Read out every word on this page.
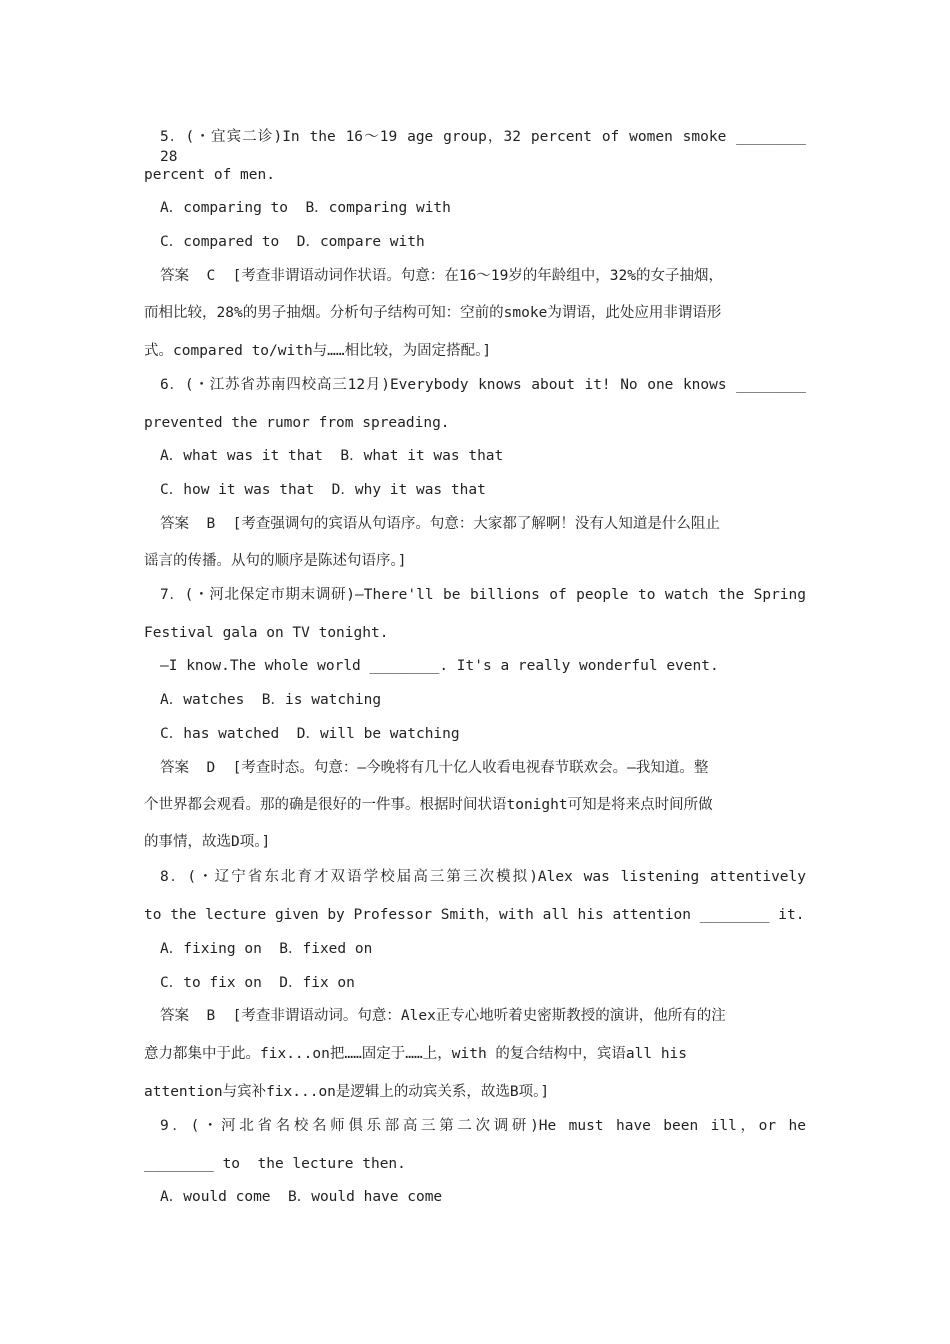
5．(・宜宾二诊)In the 16～19 age group，32 percent of women smoke ________ 28
percent of men.
A．comparing to  B．comparing with
C．compared to  D．compare with
答案  C  [考查非谓语动词作状语。句意：在16～19岁的年龄组中，32%的女子抽烟，
而相比较，28%的男子抽烟。分析句子结构可知：空前的smoke为谓语，此处应用非谓语形
式。compared to/with与……相比较，为固定搭配。]
6．(・江苏省苏南四校高三12月)Everybody knows about it! No one knows ________
prevented the rumor from spreading.
A．what was it that  B．what it was that
C．how it was that  D．why it was that
答案  B  [考查强调句的宾语从句语序。句意：大家都了解啊！没有人知道是什么阻止
谣言的传播。从句的顺序是陈述句语序。]
7．(・河北保定市期末调研)—There'll be billions of people to watch the Spring
Festival gala on TV tonight.
—I know.The whole world ________. It's a really wonderful event.
A．watches  B．is watching
C．has watched  D．will be watching
答案  D  [考查时态。句意：—今晚将有几十亿人收看电视春节联欢会。—我知道。整
个世界都会观看。那的确是很好的一件事。根据时间状语tonight可知是将来点时间所做
的事情，故选D项。]
8．(・辽宁省东北育才双语学校届高三第三次模拟)Alex was listening attentively
to the lecture given by Professor Smith，with all his attention ________ it.
A．fixing on  B．fixed on
C．to fix on  D．fix on
答案  B  [考查非谓语动词。句意：Alex正专心地听着史密斯教授的演讲，他所有的注
意力都集中于此。fix...on把……固定于……上，with 的复合结构中，宾语all his
attention与宾补fix...on是逻辑上的动宾关系，故选B项。]
9．(・河北省名校名师俱乐部高三第二次调研)He must have been ill，or he
________ to  the lecture then.
A．would come  B．would have come
